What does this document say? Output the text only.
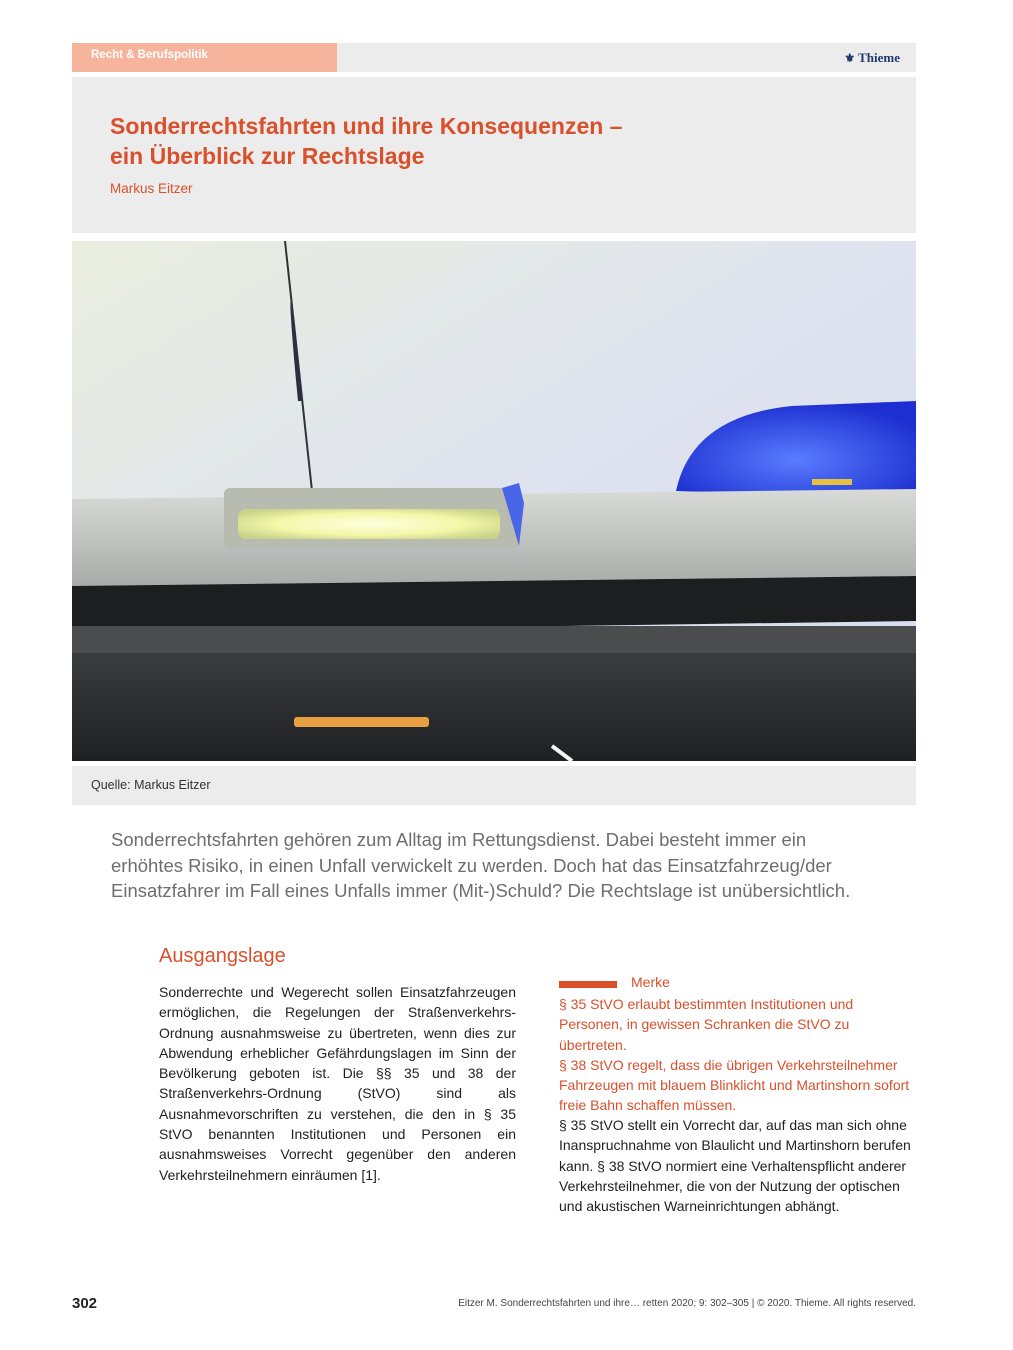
Recht & Berufspolitik	⚜ Thieme
Sonderrechtsfahrten und ihre Konsequenzen –
ein Überblick zur Rechtslage
Markus Eitzer
Quelle: Markus Eitzer
Sonderrechtsfahrten gehören zum Alltag im Rettungsdienst. Dabei besteht immer ein erhöhtes Risiko, in einen Unfall verwickelt zu werden. Doch hat das Einsatzfahrzeug/der Einsatzfahrer im Fall eines Unfalls immer (Mit-)Schuld? Die Rechtslage ist unübersichtlich.
Ausgangslage
Sonderrechte und Wegerecht sollen Einsatzfahrzeugen ermöglichen, die Regelungen der Straßenverkehrs-Ordnung ausnahmsweise zu übertreten, wenn dies zur Abwendung erheblicher Gefährdungslagen im Sinn der Bevölkerung geboten ist. Die §§ 35 und 38 der Straßenverkehrs-Ordnung (StVO) sind als Ausnahmevorschriften zu verstehen, die den in § 35 StVO benannten Institutionen und Personen ein ausnahmsweises Vorrecht gegenüber den anderen Verkehrsteilnehmern einräumen [1].
Merke
§ 35 StVO erlaubt bestimmten Institutionen und Personen, in gewissen Schranken die StVO zu übertreten.
§ 38 StVO regelt, dass die übrigen Verkehrsteilnehmer Fahrzeugen mit blauem Blinklicht und Martinshorn sofort freie Bahn schaffen müssen.
§ 35 StVO stellt ein Vorrecht dar, auf das man sich ohne Inanspruchnahme von Blaulicht und Martinshorn berufen kann. § 38 StVO normiert eine Verhaltenspflicht anderer Verkehrsteilnehmer, die von der Nutzung der optischen und akustischen Warneinrichtungen abhängt.
302	Eitzer M. Sonderrechtsfahrten und ihre… retten 2020; 9: 302–305 | © 2020. Thieme. All rights reserved.
